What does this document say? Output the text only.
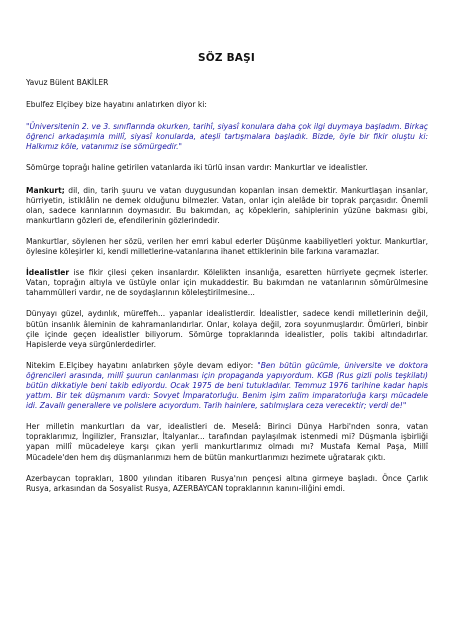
SÖZ BAŞI

Yavuz Bülent BAKİLER

Ebulfez Elçibey bize hayatını anlatırken diyor ki:

"Üniversitenin 2. ve 3. sınıflarında okurken, tarihî, siyasî konulara daha çok ilgi duymaya başladım. Birkaç öğrenci arkadaşımla millî, siyasî konularda, ateşli tartışmalara başladık. Bizde, öyle bir fikir oluştu ki: Halkımız köle, vatanımız ise sömürgedir."

Sömürge toprağı haline getirilen vatanlarda iki türlü insan vardır: Mankurtlar ve idealistler.

Mankurt; dil, din, tarih şuuru ve vatan duygusundan koparılan insan demektir. Mankurtlaşan insanlar, hürriyetin, istiklâlin ne demek olduğunu bilmezler. Vatan, onlar için alelâde bir toprak parçasıdır. Önemli olan, sadece karınlarının doymasıdır. Bu bakımdan, aç köpeklerin, sahiplerinin yüzüne bakması gibi, mankurtların gözleri de, efendilerinin gözlerindedir.

Mankurtlar, söylenen her sözü, verilen her emri kabul ederler Düşünme kaabiliyetleri yoktur. Mankurtlar, öylesine köleşirler ki, kendi milletlerine-vatanlarına ihanet ettiklerinin bile farkına varamazlar.

İdealistler ise fikir çilesi çeken insanlardır. Kölelikten insanlığa, esaretten hürriyete geçmek isterler. Vatan, toprağın altıyla ve üstüyle onlar için mukaddestir. Bu bakımdan ne vatanlarının sömürülmesine tahammülleri vardır, ne de soydaşlarının köleleştirilmesine...

Dünyayı güzel, aydınlık, müreffeh... yapanlar idealistlerdir. İdealistler, sadece kendi milletlerinin değil, bütün insanlık âleminin de kahramanlarıdırlar. Onlar, kolaya değil, zora soyunmuşlardır. Ömürleri, binbir çile içinde geçen idealistler biliyorum. Sömürge topraklarında idealistler, polis takibi altındadırlar. Hapislerde veya sürgünlerdedirler.

Nitekim E.Elçibey hayatını anlatırken şöyle devam ediyor: "Ben bütün gücümle, üniversite ve doktora öğrencileri arasında, millî şuurun canlanması için propaganda yapıyordum. KGB (Rus gizli polis teşkilatı) bütün dikkatiyle beni takib ediyordu. Ocak 1975 de beni tutukladılar. Temmuz 1976 tarihine kadar hapis yattım. Bir tek düşmanım vardı: Sovyet İmparatorluğu. Benim işim zalim imparatorluğa karşı mücadele idi. Zavallı generallere ve polislere acıyordum. Tarih hainlere, satılmışlara ceza verecektir; verdi de!"

Her milletin mankurtları da var, idealistleri de. Meselâ: Birinci Dünya Harbi'nden sonra, vatan topraklarımız, İngilizler, Fransızlar, İtalyanlar... tarafından paylaşılmak istenmedi mi? Düşmanla işbirliği yapan millî mücadeleye karşı çıkan yerli mankurtlarımız olmadı mı? Mustafa Kemal Paşa, Millî Mücadele'den hem dış düşmanlarımızı hem de bütün mankurtlarımızı hezimete uğratarak çıktı.

Azerbaycan toprakları, 1800 yılından itibaren Rusya'nın pençesi altına girmeye başladı. Önce Çarlık Rusya, arkasından da Sosyalist Rusya, AZERBAYCAN topraklarının kanını-iliğini emdi.
